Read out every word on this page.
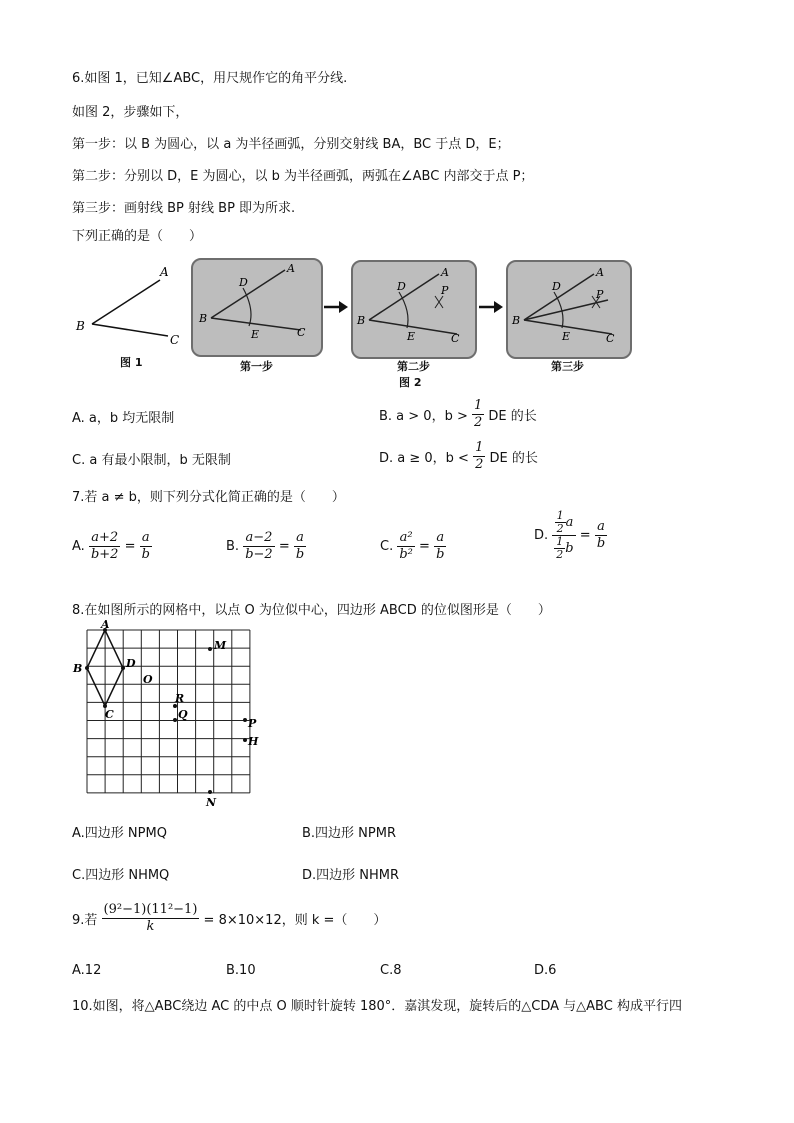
6.如图 1，已知∠ABC，用尺规作它的角平分线.
如图 2，步骤如下，
第一步：以 B 为圆心，以 a 为半径画弧，分别交射线 BA，BC 于点 D，E；
第二步：分别以 D，E 为圆心，以 b 为半径画弧，两弧在∠ABC 内部交于点 P；
第三步：画射线 BP 射线 BP 即为所求.
下列正确的是（　　）
A
B
C
图 1
A
B
C
D
E
第一步
A
B
C
D
E
P
第二步
图 2
A
B
C
D
E
P
第三步
A. a，b 均无限制	B. a > 0，$b > \frac{1}{2}$ DE 的长
C. a 有最小限制，b 无限制	D. a ≥ 0，$b < \frac{1}{2}$ DE 的长
7.若 a ≠ b，则下列分式化简正确的是（　　）
A. $\frac{a+2}{b+2} = \frac{a}{b}$	B. $\frac{a-2}{b-2} = \frac{a}{b}$	C. $\frac{\text{a²}}{\text{b²}} = \frac{a}{b}$	D. $\frac{\frac{1}{2} a}{\frac{1}{2} b} = \frac{a}{b}$
8.在如图所示的网格中，以点 O 为位似中心，四边形 ABCD 的位似图形是（　　）
A
B
C
D
O
M
R
Q
P
H
N
A.四边形 NPMQ	B.四边形 NPMR
C.四边形 NHMQ	D.四边形 NHMR
9.若 $\frac{\text{(9²−1)(11²−1)}}{k} = 8\times 10\times 12$，则 k =（　　）
A.12	B.10	C.8	D.6
10.如图，将△ABC绕边 AC 的中点 O 顺时针旋转 180°．嘉淇发现，旋转后的△CDA 与△ABC 构成平行四
